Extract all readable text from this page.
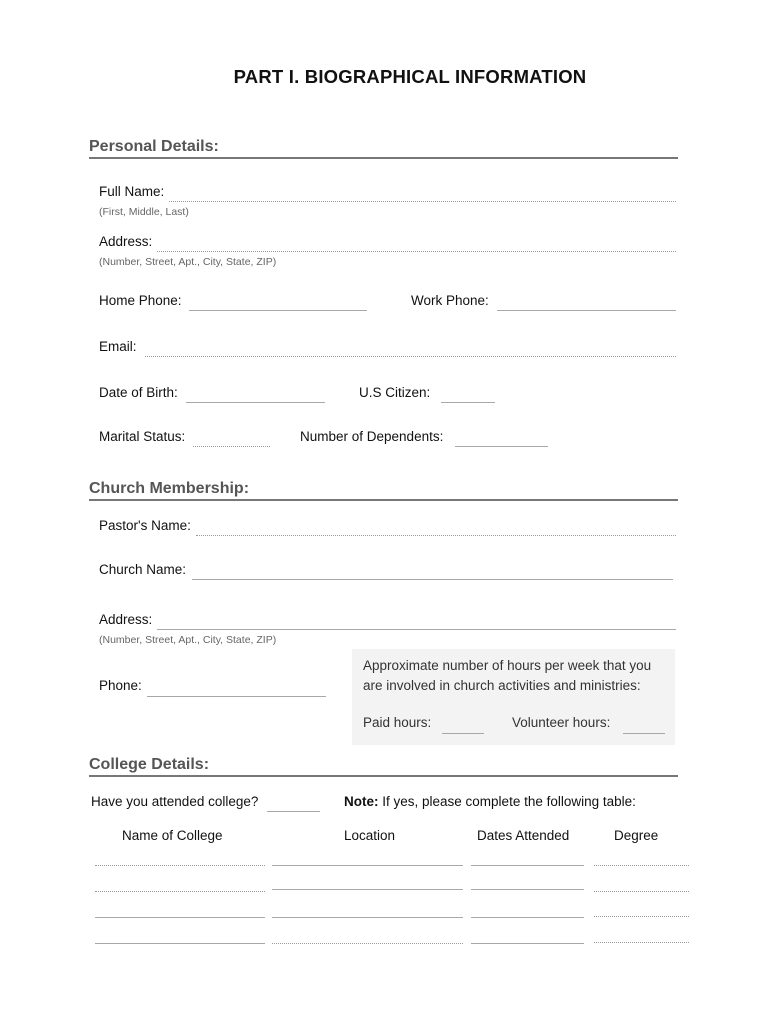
PART I. BIOGRAPHICAL INFORMATION
Personal Details:
Full Name:
(First, Middle, Last)
Address:
(Number, Street, Apt., City, State, ZIP)
Home Phone:	Work Phone:
Email:
Date of Birth:	U.S Citizen:
Marital Status:	Number of Dependents:
Church Membership:
Pastor's Name:
Church Name:
Address:
(Number, Street, Apt., City, State, ZIP)
Phone:
Approximate number of hours per week that you
are involved in church activities and ministries:
Paid hours:	Volunteer hours:
College Details:
Have you attended college?	Note: If yes, please complete the following table:
Name of College	Location	Dates Attended	Degree
